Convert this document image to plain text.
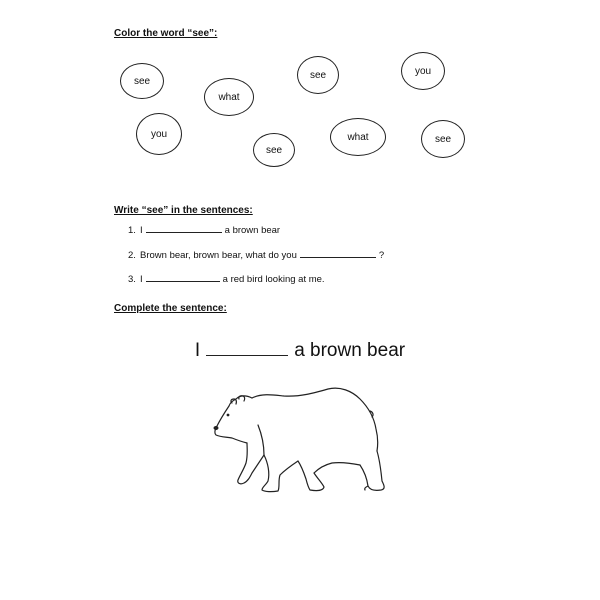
Color the word “see”:
see
what
see	you
you
see
what	see
Write “see” in the sentences:
1. I	a brown bear
2. Brown bear, brown bear, what do you	?
3. I	a red bird looking at me.
Complete the sentence:
I	a brown bear
